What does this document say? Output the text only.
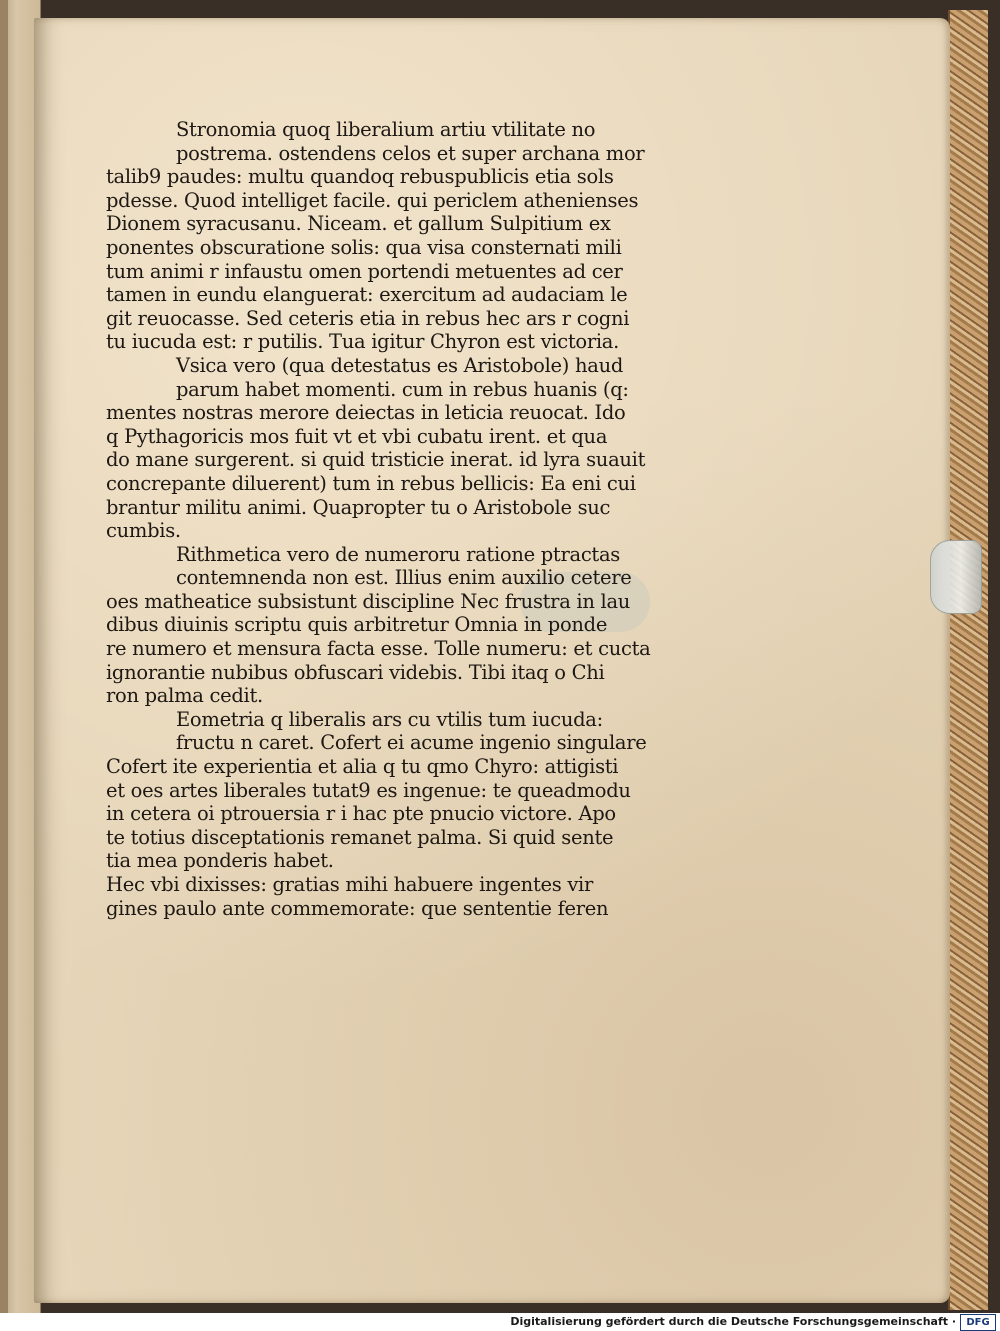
Stronomia quoq liberalium artiu vtilitate no
postrema. ostendens celos et super archana mor
talib9 paudes: multu quandoq rebuspublicis etia sols
pdesse. Quod intelliget facile. qui periclem athenienses
Dionem syracusanu. Niceam. et gallum Sulpitium ex
ponentes obscuratione solis: qua visa consternati mili
tum animi r infaustu omen portendi metuentes ad cer
tamen in eundu elanguerat: exercitum ad audaciam le
git reuocasse. Sed ceteris etia in rebus hec ars r cogni
tu iucuda est: r putilis. Tua igitur Chyron est victoria.
Vsica vero (qua detestatus es Aristobole) haud
parum habet momenti. cum in rebus huanis (q:
mentes nostras merore deiectas in leticia reuocat. Ido
q Pythagoricis mos fuit vt et vbi cubatu irent. et qua
do mane surgerent. si quid tristicie inerat. id lyra suauit
concrepante diluerent) tum in rebus bellicis: Ea eni cui
brantur militu animi. Quapropter tu o Aristobole suc
cumbis.
Rithmetica vero de numeroru ratione ptractas
contemnenda non est. Illius enim auxilio cetere
oes matheatice subsistunt discipline Nec frustra in lau
dibus diuinis scriptu quis arbitretur Omnia in ponde
re numero et mensura facta esse. Tolle numeru: et cucta
ignorantie nubibus obfuscari videbis. Tibi itaq o Chi
ron palma cedit.
Eometria q liberalis ars cu vtilis tum iucuda:
fructu n caret. Cofert ei acume ingenio singulare
Cofert ite experientia et alia q tu qmo Chyro: attigisti
et oes artes liberales tutat9 es ingenue: te queadmodu
in cetera oi ptrouersia r i hac pte pnucio victore. Apo
te totius disceptationis remanet palma. Si quid sente
tia mea ponderis habet.
Hec vbi dixisses: gratias mihi habuere ingentes vir
gines paulo ante commemorate: que sententie feren
Digitalisierung gefördert durch die Deutsche Forschungsgemeinschaft ·	DFG
